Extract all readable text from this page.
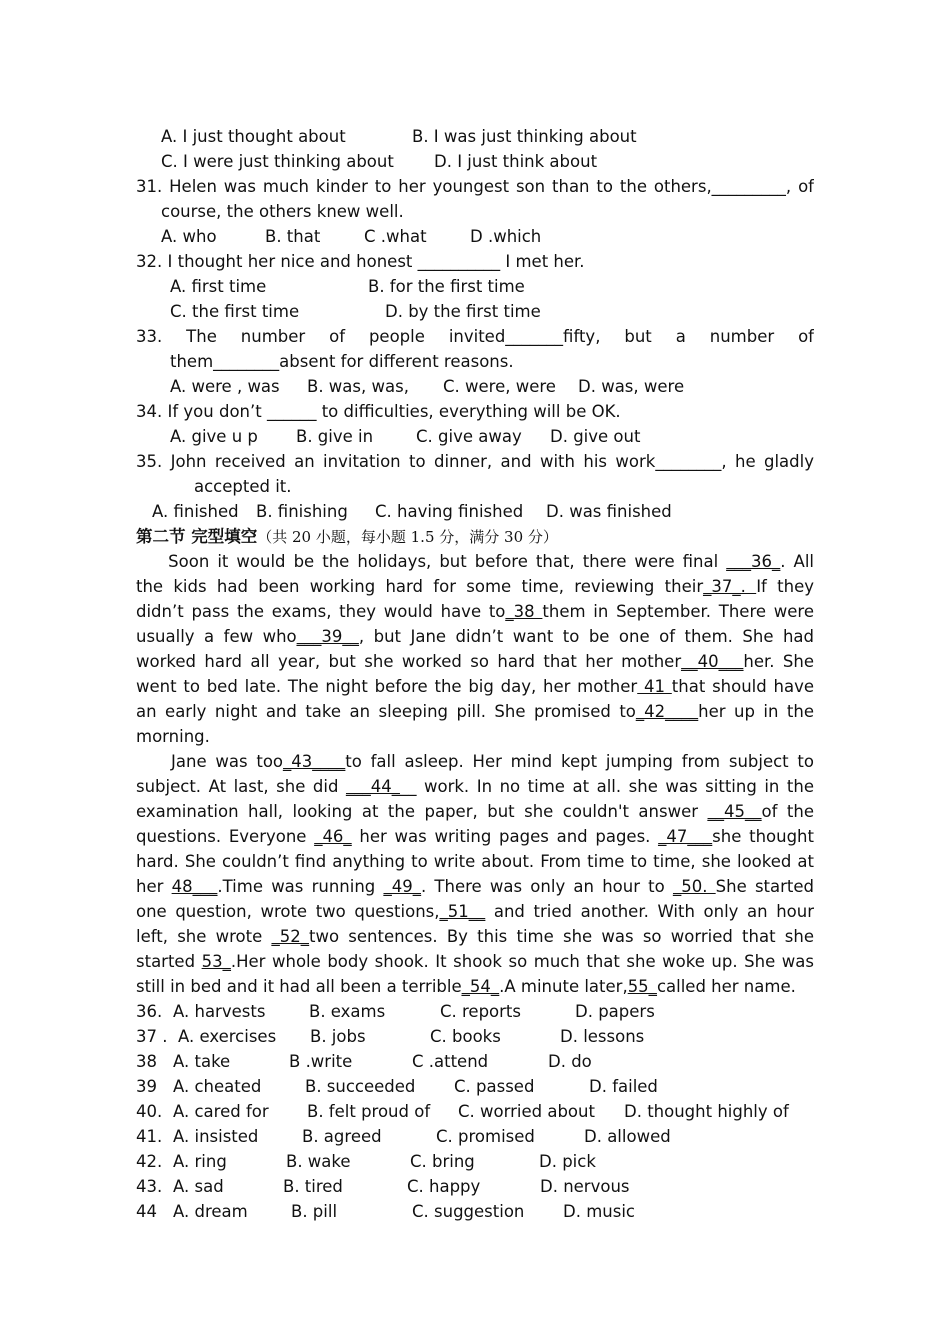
A. I just thought about	B. I was just thinking about
C. I were just thinking about D. I just think about
31. Helen was much kinder to her youngest son than to the others,_________, of
course, the others knew well.
A. who	B. that	C .what	D .which
32. I thought her nice and honest __________ I met her.
A. first time	B. for the first time
C. the first time	D. by the first time
33. The number of people invited_______fifty, but a number of
them________absent for different reasons.
A. were , was B. was, was, C. were, were D. was, were
34. If you don’t ______ to difficulties, everything will be OK.
A. give u p B. give in	C. give away D. give out
35. John received an invitation to dinner, and with his work________, he gladly
accepted it.
A. finished B. finishing C. having finished D. was finished
第二节 完型填空（共 20 小题，每小题 1.5 分，满分 30 分）
Soon it would be the holidays, but before that, there were final ___36_. All
the kids had been working hard for some time, reviewing their_37_. If they
didn’t pass the exams, they would have to_38 them in September. There were
usually a few who___39__, but Jane didn’t want to be one of them. She had
worked hard all year, but she worked so hard that her mother__40___her. She
went to bed late. The night before the big day, her mother 41 that should have
an early night and take an sleeping pill. She promised to_42____her up in the
morning.
Jane was too_43____to fall asleep. Her mind kept jumping from subject to
subject. At last, she did ___44___ work. In no time at all. she was sitting in the
examination hall, looking at the paper, but she couldn't answer __45__of the
questions. Everyone _46_ her was writing pages and pages. _47___she thought
hard. She couldn’t find anything to write about. From time to time, she looked at
her 48___.Time was running _49_. There was only an hour to _50. She started
one question, wrote two questions,_51__ and tried another. With only an hour
left, she wrote _52_two sentences. By this time she was so worried that she
started 53_.Her whole body shook. It shook so much that she woke up. She was
still in bed and it had all been a terrible_54_.A minute later,55_called her name.
36. A. harvests	B. exams	C. reports	D. papers
37 . A. exercises B. jobs	C. books	D. lessons
38 A. take	B .write	C .attend	D. do
39 A. cheated	B. succeeded C. passed	D. failed
40. A. cared for B. felt proud of C. worried about D. thought highly of
41. A. insisted	B. agreed	C. promised	D. allowed
42. A. ring	B. wake	C. bring	D. pick
43. A. sad	B. tired	C. happy	D. nervous
44 A. dream	B. pill	C. suggestion D. music
